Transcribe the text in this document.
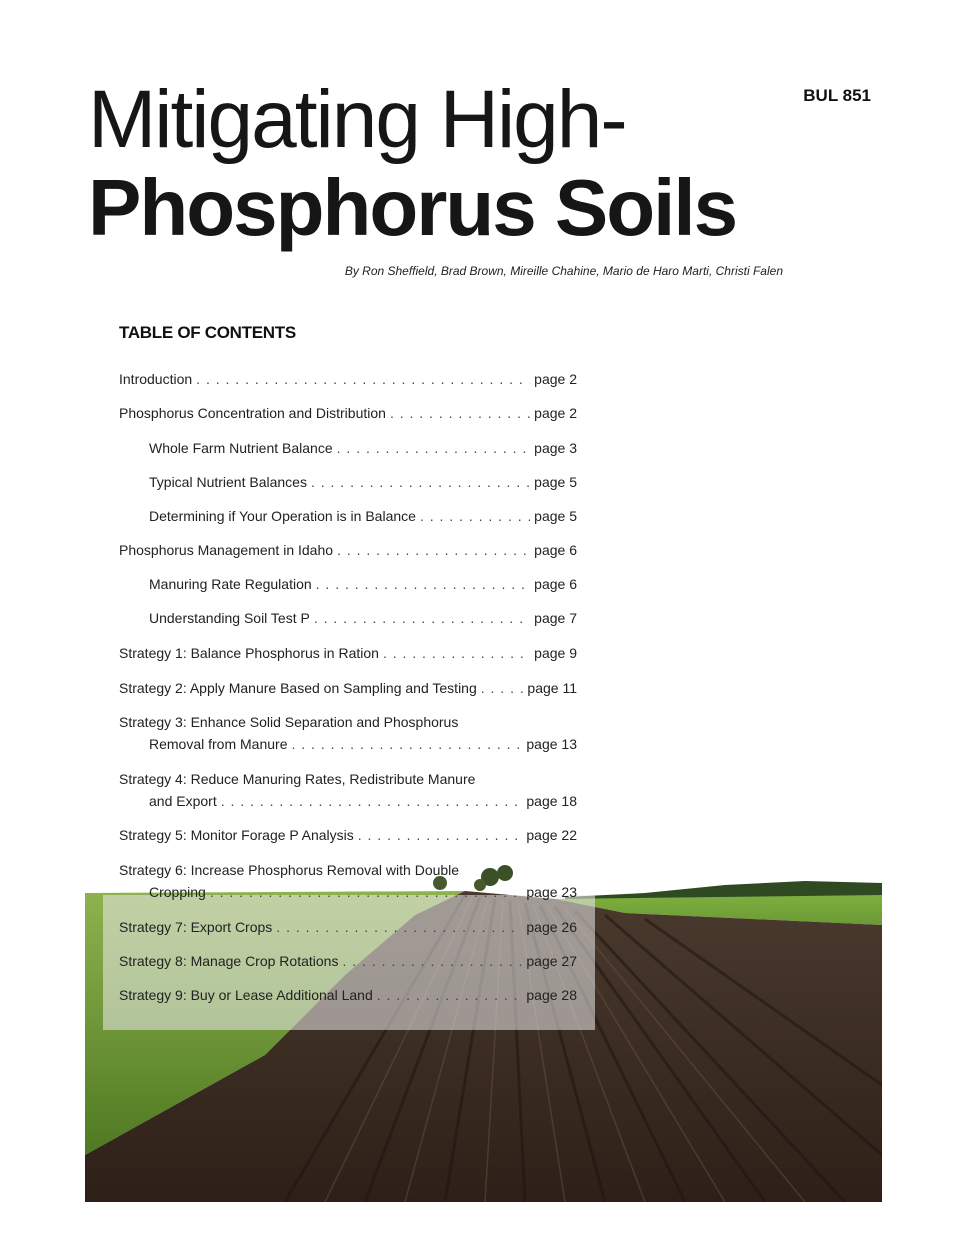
BUL 851
Mitigating High-
Phosphorus Soils
By Ron Sheffield, Brad Brown, Mireille Chahine, Mario de Haro Marti, Christi Falen
TABLE OF CONTENTS
Introduction . . .	page 2
Phosphorus Concentration and Distribution . . .	page 2
Whole Farm Nutrient Balance . . .	page 3
Typical Nutrient Balances . . .	page 5
Determining if Your Operation is in Balance . . .	page 5
Phosphorus Management in Idaho . . .	page 6
Manuring Rate Regulation . . .	page 6
Understanding Soil Test P . . .	page 7
Strategy 1: Balance Phosphorus in Ration . . .	page 9
Strategy 2: Apply Manure Based on Sampling and Testing . . .	page 11
Strategy 3: Enhance Solid Separation and Phosphorus
Removal from Manure . . .	page 13
Strategy 4: Reduce Manuring Rates, Redistribute Manure
and Export . . .	page 18
Strategy 5: Monitor Forage P Analysis . . .	page 22
Strategy 6: Increase Phosphorus Removal with Double
Cropping . . .	page 23
Strategy 7: Export Crops . . .	page 26
Strategy 8: Manage Crop Rotations . . .	page 27
Strategy 9: Buy or Lease Additional Land . . .	page 28
